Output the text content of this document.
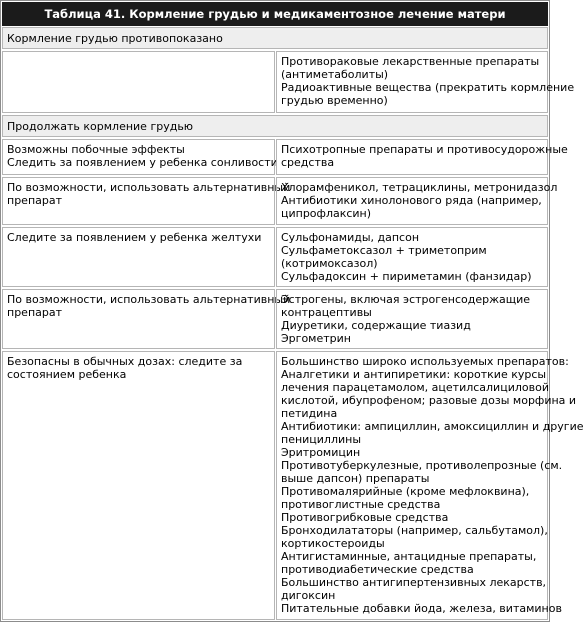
Таблица 41. Кормление грудью и медикаментозное лечение матери
Кормление грудью противопоказано
Противораковые лекарственные препараты
(антиметаболиты)
Радиоактивные вещества (прекратить кормление
грудью временно)
Продолжать кормление грудью
Возможны побочные эффекты
Следить за появлением у ребенка сонливости
Психотропные препараты и противосудорожные
средства
По возможности, использовать альтернативный
препарат
Хлорамфеникол, тетрациклины, метронидазол
Антибиотики хинолонового ряда (например,
ципрофлаксин)
Следите за появлением у ребенка желтухи	Сульфонамиды, дапсон
Сульфаметоксазол + триметоприм
(котримоксазол)
Сульфадоксин + пириметамин (фанзидар)
По возможности, использовать альтернативный
препарат
Эстрогены, включая эстрогенсодержащие
контрацептивы
Диуретики, содержащие тиазид
Эргометрин
Безопасны в обычных дозах: следите за
состоянием ребенка
Большинство широко используемых препаратов:
Аналгетики и антипиретики: короткие курсы
лечения парацетамолом, ацетилсалициловой
кислотой, ибупрофеном; разовые дозы морфина и
петидина
Антибиотики: ампициллин, амоксициллин и другие
пенициллины
Эритромицин
Противотуберкулезные, противолепрозные (см.
выше дапсон) препараты
Противомалярийные (кроме мефлоквина),
противоглистные средства
Противогрибковые средства
Бронходилататоры (например, сальбутамол),
кортикостероиды
Антигистаминные, антацидные препараты,
противодиабетические средства
Большинство антигипертензивных лекарств,
дигоксин
Питательные добавки йода, железа, витаминов
